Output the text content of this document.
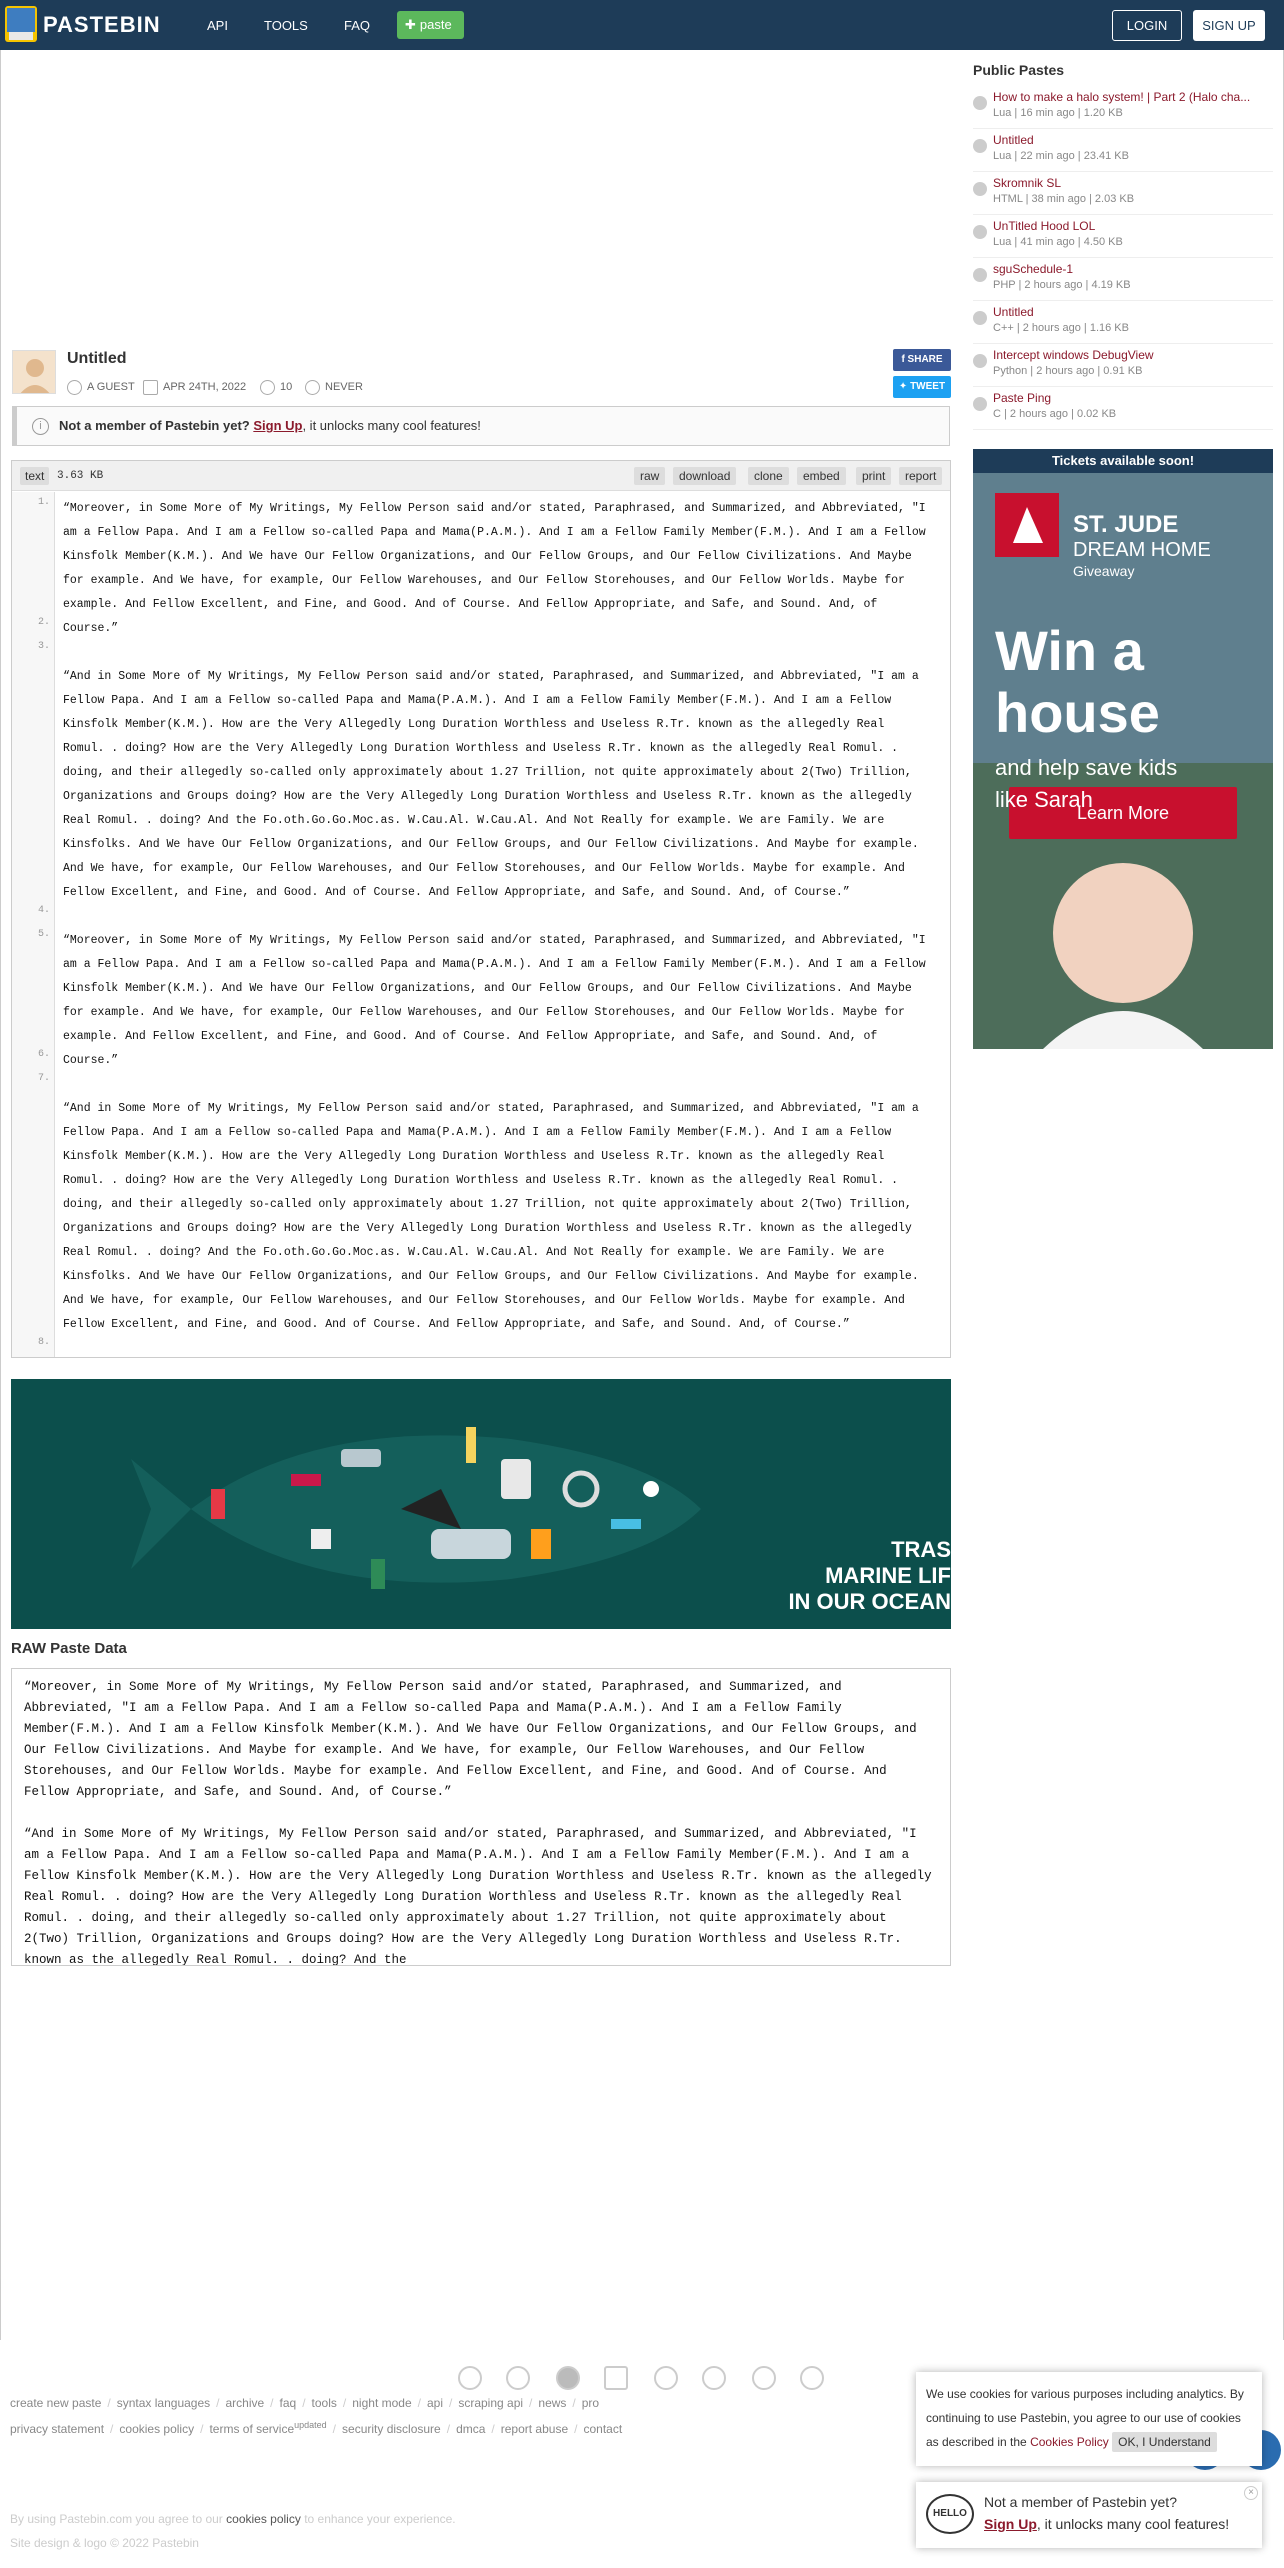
PASTEBIN	API	TOOLS	FAQ	✚ paste	LOGIN	SIGN UP
Untitled
A GUEST	APR 24TH, 2022	10	NEVER
f SHARE
✦ TWEET
i	Not a member of Pastebin yet? Sign Up, it unlocks many cool features!
text	3.63 KB	raw	download	clone	embed	print	report
1.
2.
3.
4.
5.
6.
7.
8.
“Moreover, in Some More of My Writings, My Fellow Person said and/or stated, Paraphrased, and Summarized, and Abbreviated, "I
am a Fellow Papa. And I am a Fellow so-called Papa and Mama(P.A.M.). And I am a Fellow Family Member(F.M.). And I am a Fellow
Kinsfolk Member(K.M.). And We have Our Fellow Organizations, and Our Fellow Groups, and Our Fellow Civilizations. And Maybe
for example. And We have, for example, Our Fellow Warehouses, and Our Fellow Storehouses, and Our Fellow Worlds. Maybe for
example. And Fellow Excellent, and Fine, and Good. And of Course. And Fellow Appropriate, and Safe, and Sound. And, of
Course.”
“And in Some More of My Writings, My Fellow Person said and/or stated, Paraphrased, and Summarized, and Abbreviated, "I am a
Fellow Papa. And I am a Fellow so-called Papa and Mama(P.A.M.). And I am a Fellow Family Member(F.M.). And I am a Fellow
Kinsfolk Member(K.M.). How are the Very Allegedly Long Duration Worthless and Useless R.Tr. known as the allegedly Real
Romul. . doing? How are the Very Allegedly Long Duration Worthless and Useless R.Tr. known as the allegedly Real Romul. .
doing, and their allegedly so-called only approximately about 1.27 Trillion, not quite approximately about 2(Two) Trillion,
Organizations and Groups doing? How are the Very Allegedly Long Duration Worthless and Useless R.Tr. known as the allegedly
Real Romul. . doing? And the Fo.oth.Go.Go.Moc.as. W.Cau.Al. W.Cau.Al. And Not Really for example. We are Family. We are
Kinsfolks. And We have Our Fellow Organizations, and Our Fellow Groups, and Our Fellow Civilizations. And Maybe for example.
And We have, for example, Our Fellow Warehouses, and Our Fellow Storehouses, and Our Fellow Worlds. Maybe for example. And
Fellow Excellent, and Fine, and Good. And of Course. And Fellow Appropriate, and Safe, and Sound. And, of Course.”
“Moreover, in Some More of My Writings, My Fellow Person said and/or stated, Paraphrased, and Summarized, and Abbreviated, "I
am a Fellow Papa. And I am a Fellow so-called Papa and Mama(P.A.M.). And I am a Fellow Family Member(F.M.). And I am a Fellow
Kinsfolk Member(K.M.). And We have Our Fellow Organizations, and Our Fellow Groups, and Our Fellow Civilizations. And Maybe
for example. And We have, for example, Our Fellow Warehouses, and Our Fellow Storehouses, and Our Fellow Worlds. Maybe for
example. And Fellow Excellent, and Fine, and Good. And of Course. And Fellow Appropriate, and Safe, and Sound. And, of
Course.”
“And in Some More of My Writings, My Fellow Person said and/or stated, Paraphrased, and Summarized, and Abbreviated, "I am a
Fellow Papa. And I am a Fellow so-called Papa and Mama(P.A.M.). And I am a Fellow Family Member(F.M.). And I am a Fellow
Kinsfolk Member(K.M.). How are the Very Allegedly Long Duration Worthless and Useless R.Tr. known as the allegedly Real
Romul. . doing? How are the Very Allegedly Long Duration Worthless and Useless R.Tr. known as the allegedly Real Romul. .
doing, and their allegedly so-called only approximately about 1.27 Trillion, not quite approximately about 2(Two) Trillion,
Organizations and Groups doing? How are the Very Allegedly Long Duration Worthless and Useless R.Tr. known as the allegedly
Real Romul. . doing? And the Fo.oth.Go.Go.Moc.as. W.Cau.Al. W.Cau.Al. And Not Really for example. We are Family. We are
Kinsfolks. And We have Our Fellow Organizations, and Our Fellow Groups, and Our Fellow Civilizations. And Maybe for example.
And We have, for example, Our Fellow Warehouses, and Our Fellow Storehouses, and Our Fellow Worlds. Maybe for example. And
Fellow Excellent, and Fine, and Good. And of Course. And Fellow Appropriate, and Safe, and Sound. And, of Course.”
TRAS
MARINE LIF
IN OUR OCEAN
RAW Paste Data

“Moreover, in Some More of My Writings, My Fellow Person said and/or stated, Paraphrased, and Summarized, and Abbreviated, "I am a Fellow Papa. And I am a Fellow so-called Papa and Mama(P.A.M.). And I am a Fellow Family Member(F.M.). And I am a Fellow Kinsfolk Member(K.M.). And We have Our Fellow Organizations, and Our Fellow Groups, and Our Fellow Civilizations. And Maybe for example. And We have, for example, Our Fellow Warehouses, and Our Fellow Storehouses, and Our Fellow Worlds. Maybe for example. And Fellow Excellent, and Fine, and Good. And of Course. And Fellow Appropriate, and Safe, and Sound. And, of Course.”

“And in Some More of My Writings, My Fellow Person said and/or stated, Paraphrased, and Summarized, and Abbreviated, "I am a Fellow Papa. And I am a Fellow so-called Papa and Mama(P.A.M.). And I am a Fellow Family Member(F.M.). And I am a Fellow Kinsfolk Member(K.M.). How are the Very Allegedly Long Duration Worthless and Useless R.Tr. known as the allegedly Real Romul. . doing? How are the Very Allegedly Long Duration Worthless and Useless R.Tr. known as the allegedly Real Romul. . doing, and their allegedly so-called only approximately about 1.27 Trillion, not quite approximately about 2(Two) Trillion, Organizations and Groups doing? How are the Very Allegedly Long Duration Worthless and Useless R.Tr. known as the allegedly Real Romul. . doing? And the

Public Pastes
How to make a halo system! | Part 2 (Halo cha...
Lua | 16 min ago | 1.20 KB
Untitled
Lua | 22 min ago | 23.41 KB
Skromnik SL
HTML | 38 min ago | 2.03 KB
UnTitled Hood LOL
Lua | 41 min ago | 4.50 KB
sguSchedule-1
PHP | 2 hours ago | 4.19 KB
Untitled
C++ | 2 hours ago | 1.16 KB
Intercept windows DebugView
Python | 2 hours ago | 0.91 KB
Paste Ping
C | 2 hours ago | 0.02 KB
Tickets available soon!
ST. JUDE
DREAM HOME
Giveaway
Win a
house
and help save kids
like Sarah
Learn More
create new paste / syntax languages / archive / faq / tools / night mode / api / scraping api / news / pro
privacy statement / cookies policy / terms of service$^{updated}$ / security disclosure / dmca / report abuse / contact
By using Pastebin.com you agree to our cookies policy to enhance your experience.
Site design & logo © 2022 Pastebin
We use cookies for various purposes including analytics. By continuing to use Pastebin, you agree to our use of cookies as described in the Cookies Policy OK, I Understand
HELLO
Not a member of Pastebin yet?
Sign Up, it unlocks many cool features!
×
